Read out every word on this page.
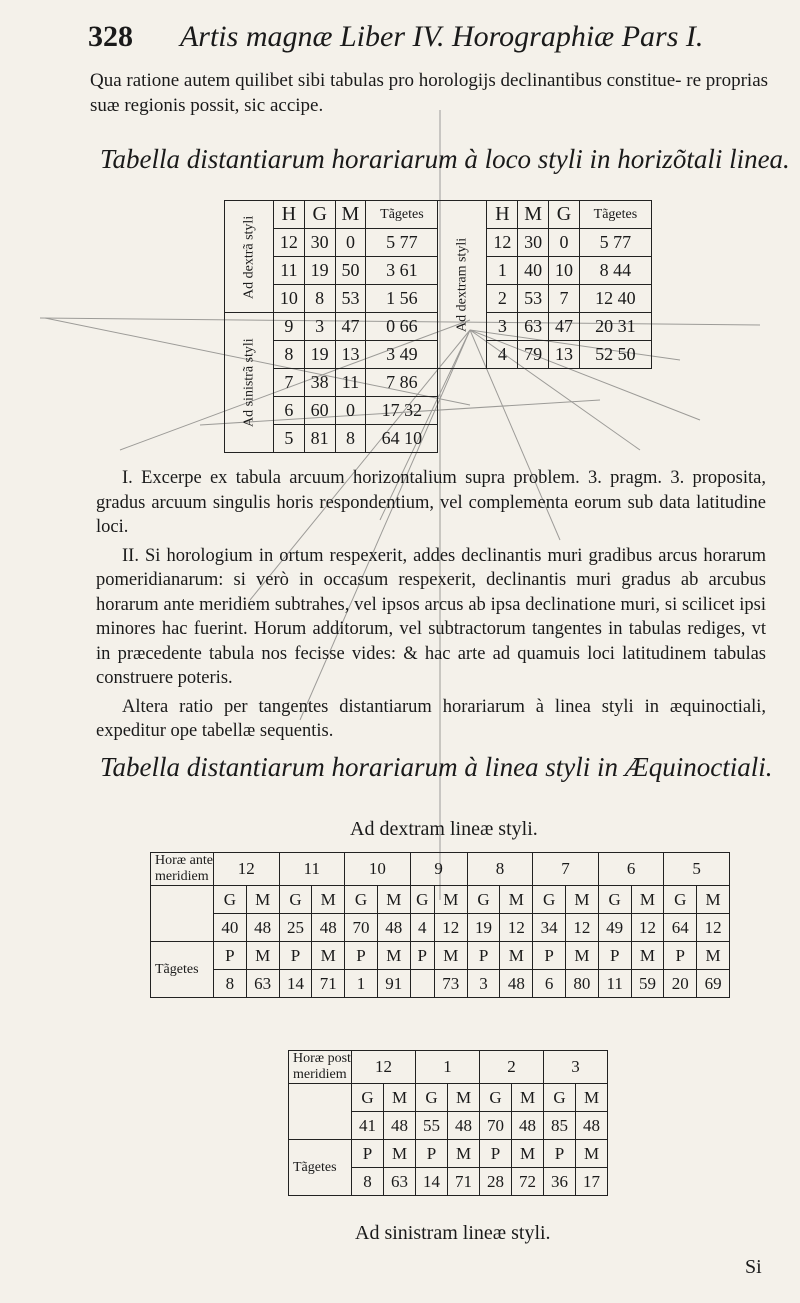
328 Artis magnæ Liber IV. Horographiæ Pars I.
Qua ratione autem quilibet sibi tabulas pro horologijs declinantibus constitue- re proprias suæ regionis possit, sic accipe.
Tabella distantiarum horariarum à loco styli in horizõtali linea.
Ad dextrã styli	H	G	M	Tãgetes	Ad dextram styli	H	M	G	Tãgetes
	12	30	0	5 77		12	30	0	5 77
	11	19	50	3 61		1	40	10	8 44
	10	8	53	1 56		2	53	7	12 40
Ad sinistrã styli	9	3	47	0 66		3	63	47	20 31
	8	19	13	3 49		4	79	13	52 50
	7	38	11	7 86					
	6	60	0	17 32					
	5	81	8	64 10					

I. Excerpe ex tabula arcuum horizontalium supra problem. 3. pragm. 3. proposita, gradus arcuum singulis horis respondentium, vel complementa eorum sub data latitudine loci.

II. Si horologium in ortum respexerit, addes declinantis muri gradibus arcus horarum pomeridianarum: si verò in occasum respexerit, declinantis muri gradus ab arcubus horarum ante meridiem subtrahes, vel ipsos arcus ab ipsa declinatione muri, si scilicet ipsi minores hac fuerint. Horum additorum, vel subtractorum tangentes in tabulas rediges, vt in præcedente tabula nos fecisse vides: & hac arte ad quamuis loci latitudinem tabulas construere poteris.

Altera ratio per tangentes distantiarum horariarum à linea styli in æquinoctiali, expeditur ope tabellæ sequentis.

Tabella distantiarum horariarum à linea styli in Æquinoctiali.
Ad dextram lineæ styli.
Horæ ante meridiem	12		11		10		9		8		7		6		5	
	G	M	G	M	G	M	G	M	G	M	G	M	G	M	G	M
	40	48	25	48	70	48	4	12	19	12	34	12	49	12	64	12
Tãgetes	P	M	P	M	P	M	P	M	P	M	P	M	P	M	P	M
	8	63	14	71	1	91		73	3	48	6	80	11	59	20	69
Horæ post meridiem	12		1		2		3	
	G	M	G	M	G	M	G	M
	41	48	55	48	70	48	85	48
Tãgetes	P	M	P	M	P	M	P	M
	8	63	14	71	28	72	36	17
Ad sinistram lineæ styli.
Si
